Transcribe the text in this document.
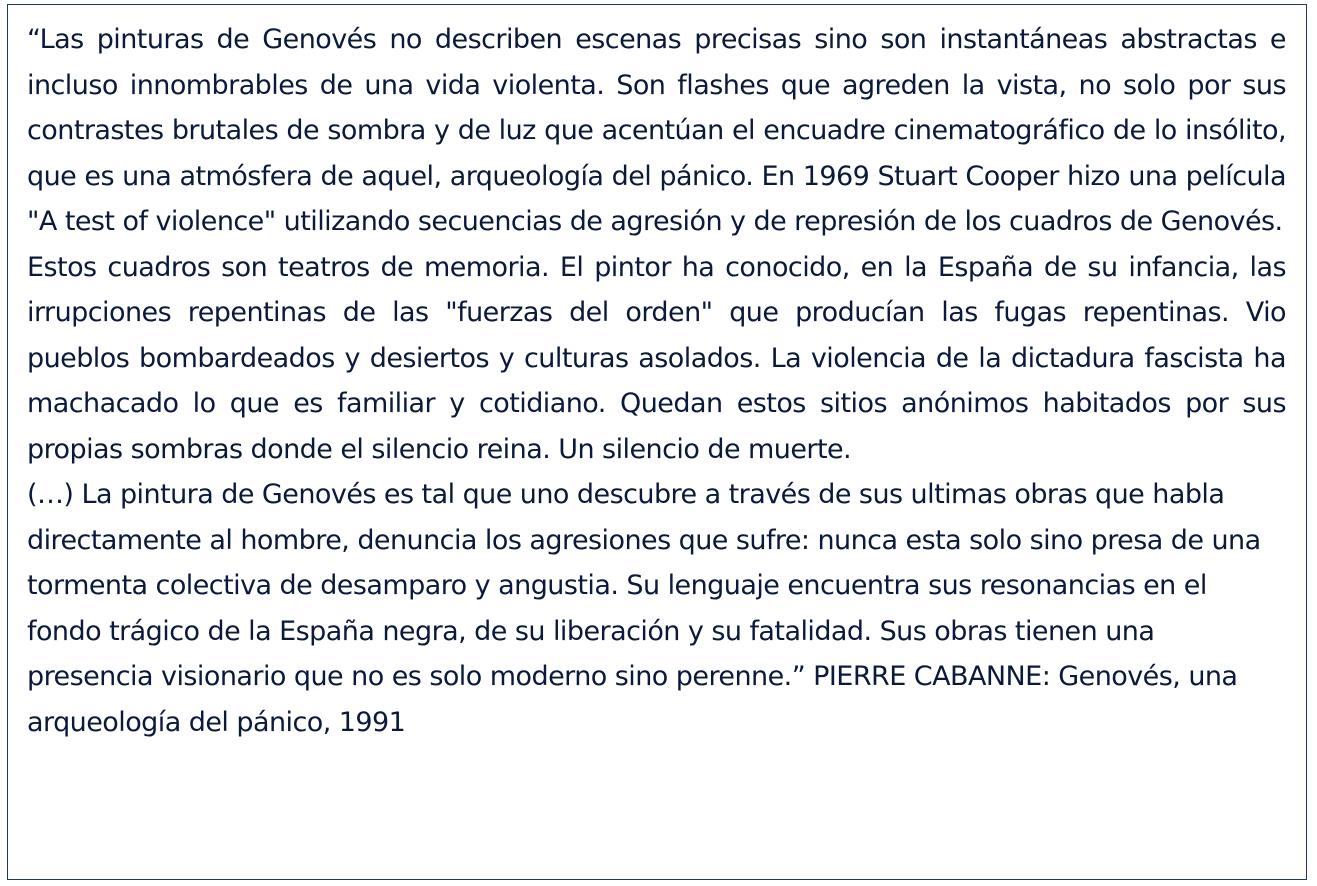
“Las pinturas de Genovés no describen escenas precisas sino son instantáneas abstractas e incluso innombrables de una vida violenta. Son flashes que agreden la vista, no solo por sus contrastes brutales de sombra y de luz que acentúan el encuadre cinematográfico de lo insólito, que es una atmósfera de aquel, arqueología del pánico. En 1969 Stuart Cooper hizo una película "A test of violence" utilizando secuencias de agresión y de represión de los cuadros de Genovés.

Estos cuadros son teatros de memoria. El pintor ha conocido, en la España de su infancia, las irrupciones repentinas de las "fuerzas del orden" que producían las fugas repentinas. Vio pueblos bombardeados y desiertos y culturas asolados. La violencia de la dictadura fascista ha machacado lo que es familiar y cotidiano. Quedan estos sitios anónimos habitados por sus propias sombras donde el silencio reina. Un silencio de muerte.

(…) La pintura de Genovés es tal que uno descubre a través de sus ultimas obras que habla directamente al hombre, denuncia los agresiones que sufre: nunca esta solo sino presa de una tormenta colectiva de desamparo y angustia. Su lenguaje encuentra sus resonancias en el fondo trágico de la España negra, de su liberación y su fatalidad. Sus obras tienen una presencia visionario que no es solo moderno sino perenne.” PIERRE CABANNE: Genovés, una arqueología del pánico, 1991
